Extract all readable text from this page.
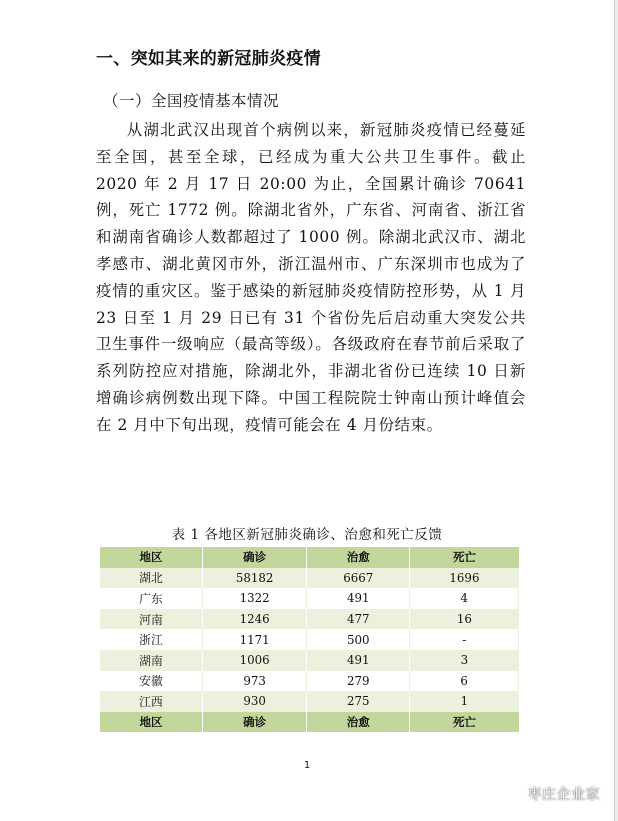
一、突如其来的新冠肺炎疫情
（一）全国疫情基本情况
从湖北武汉出现首个病例以来，新冠肺炎疫情已经蔓延至全国，甚至全球，已经成为重大公共卫生事件。截止 2020 年 2 月 17 日 20:00 为止，全国累计确诊 70641 例，死亡 1772 例。除湖北省外，广东省、河南省、浙江省和湖南省确诊人数都超过了 1000 例。除湖北武汉市、湖北孝感市、湖北黄冈市外，浙江温州市、广东深圳市也成为了疫情的重灾区。鉴于感染的新冠肺炎疫情防控形势，从 1 月 23 日至 1 月 29 日已有 31 个省份先后启动重大突发公共卫生事件一级响应（最高等级）。各级政府在春节前后采取了系列防控应对措施，除湖北外，非湖北省份已连续 10 日新增确诊病例数出现下降。中国工程院院士钟南山预计峰值会在 2 月中下旬出现，疫情可能会在 4 月份结束。
表 1 各地区新冠肺炎确诊、治愈和死亡反馈
地区	确诊	治愈	死亡
湖北	58182	6667	1696
广东	1322	491	4
河南	1246	477	16
浙江	1171	500	-
湖南	1006	491	3
安徽	973	279	6
江西	930	275	1
地区	确诊	治愈	死亡
1
枣庄企业家
